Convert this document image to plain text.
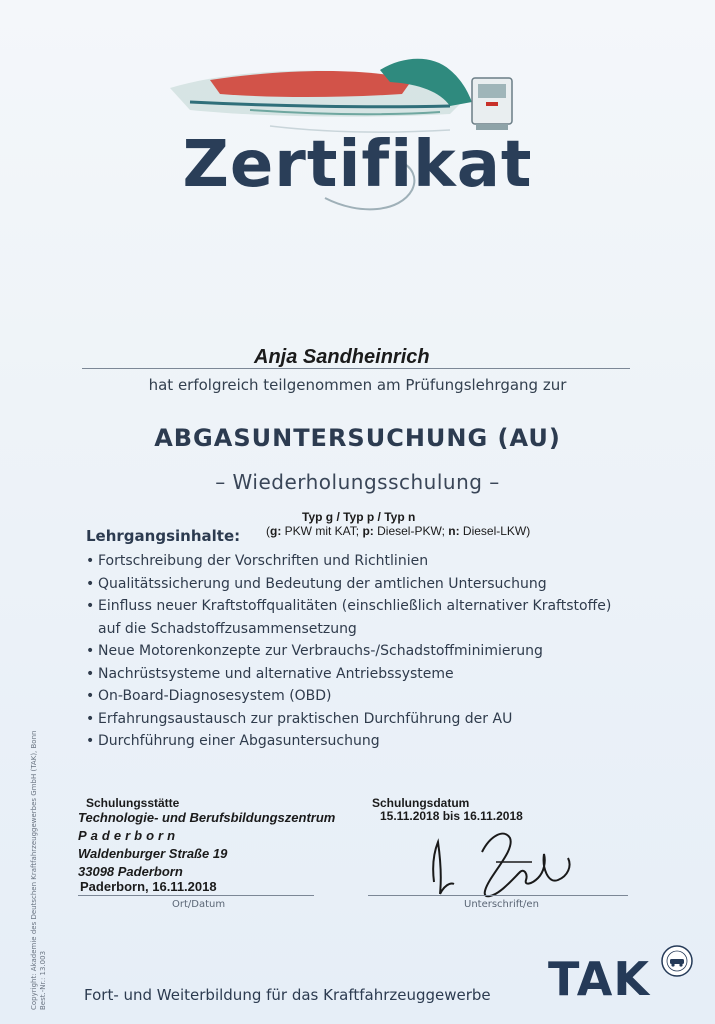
Zertifikat
Anja Sandheinrich
hat erfolgreich teilgenommen am Prüfungslehrgang zur
ABGASUNTERSUCHUNG (AU)
– Wiederholungsschulung –
Typ g / Typ p / Typ n
(g: PKW mit KAT; p: Diesel-PKW; n: Diesel-LKW)
Lehrgangsinhalte:
• Fortschreibung der Vorschriften und Richtlinien
• Qualitätssicherung und Bedeutung der amtlichen Untersuchung
• Einfluss neuer Kraftstoffqualitäten (einschließlich alternativer Kraftstoffe)
auf die Schadstoffzusammensetzung
• Neue Motorenkonzepte zur Verbrauchs-/Schadstoffminimierung
• Nachrüstsysteme und alternative Antriebssysteme
• On-Board-Diagnosesystem (OBD)
• Erfahrungsaustausch zur praktischen Durchführung der AU
• Durchführung einer Abgasuntersuchung
Schulungsstätte
Technologie- und Berufsbildungszentrum
Paderborn
Waldenburger Straße 19
33098 Paderborn
Schulungsdatum
15.11.2018 bis 16.11.2018
Paderborn, 16.11.2018
Ort/Datum	Unterschrift/en
Copyright: Akademie des Deutschen Kraftfahrzeuggewerbes GmbH (TAK), Bonn Best.-Nr.: 13.003 Fort- und Weiterbildung für das Kraftfahrzeuggewerbe TAK
